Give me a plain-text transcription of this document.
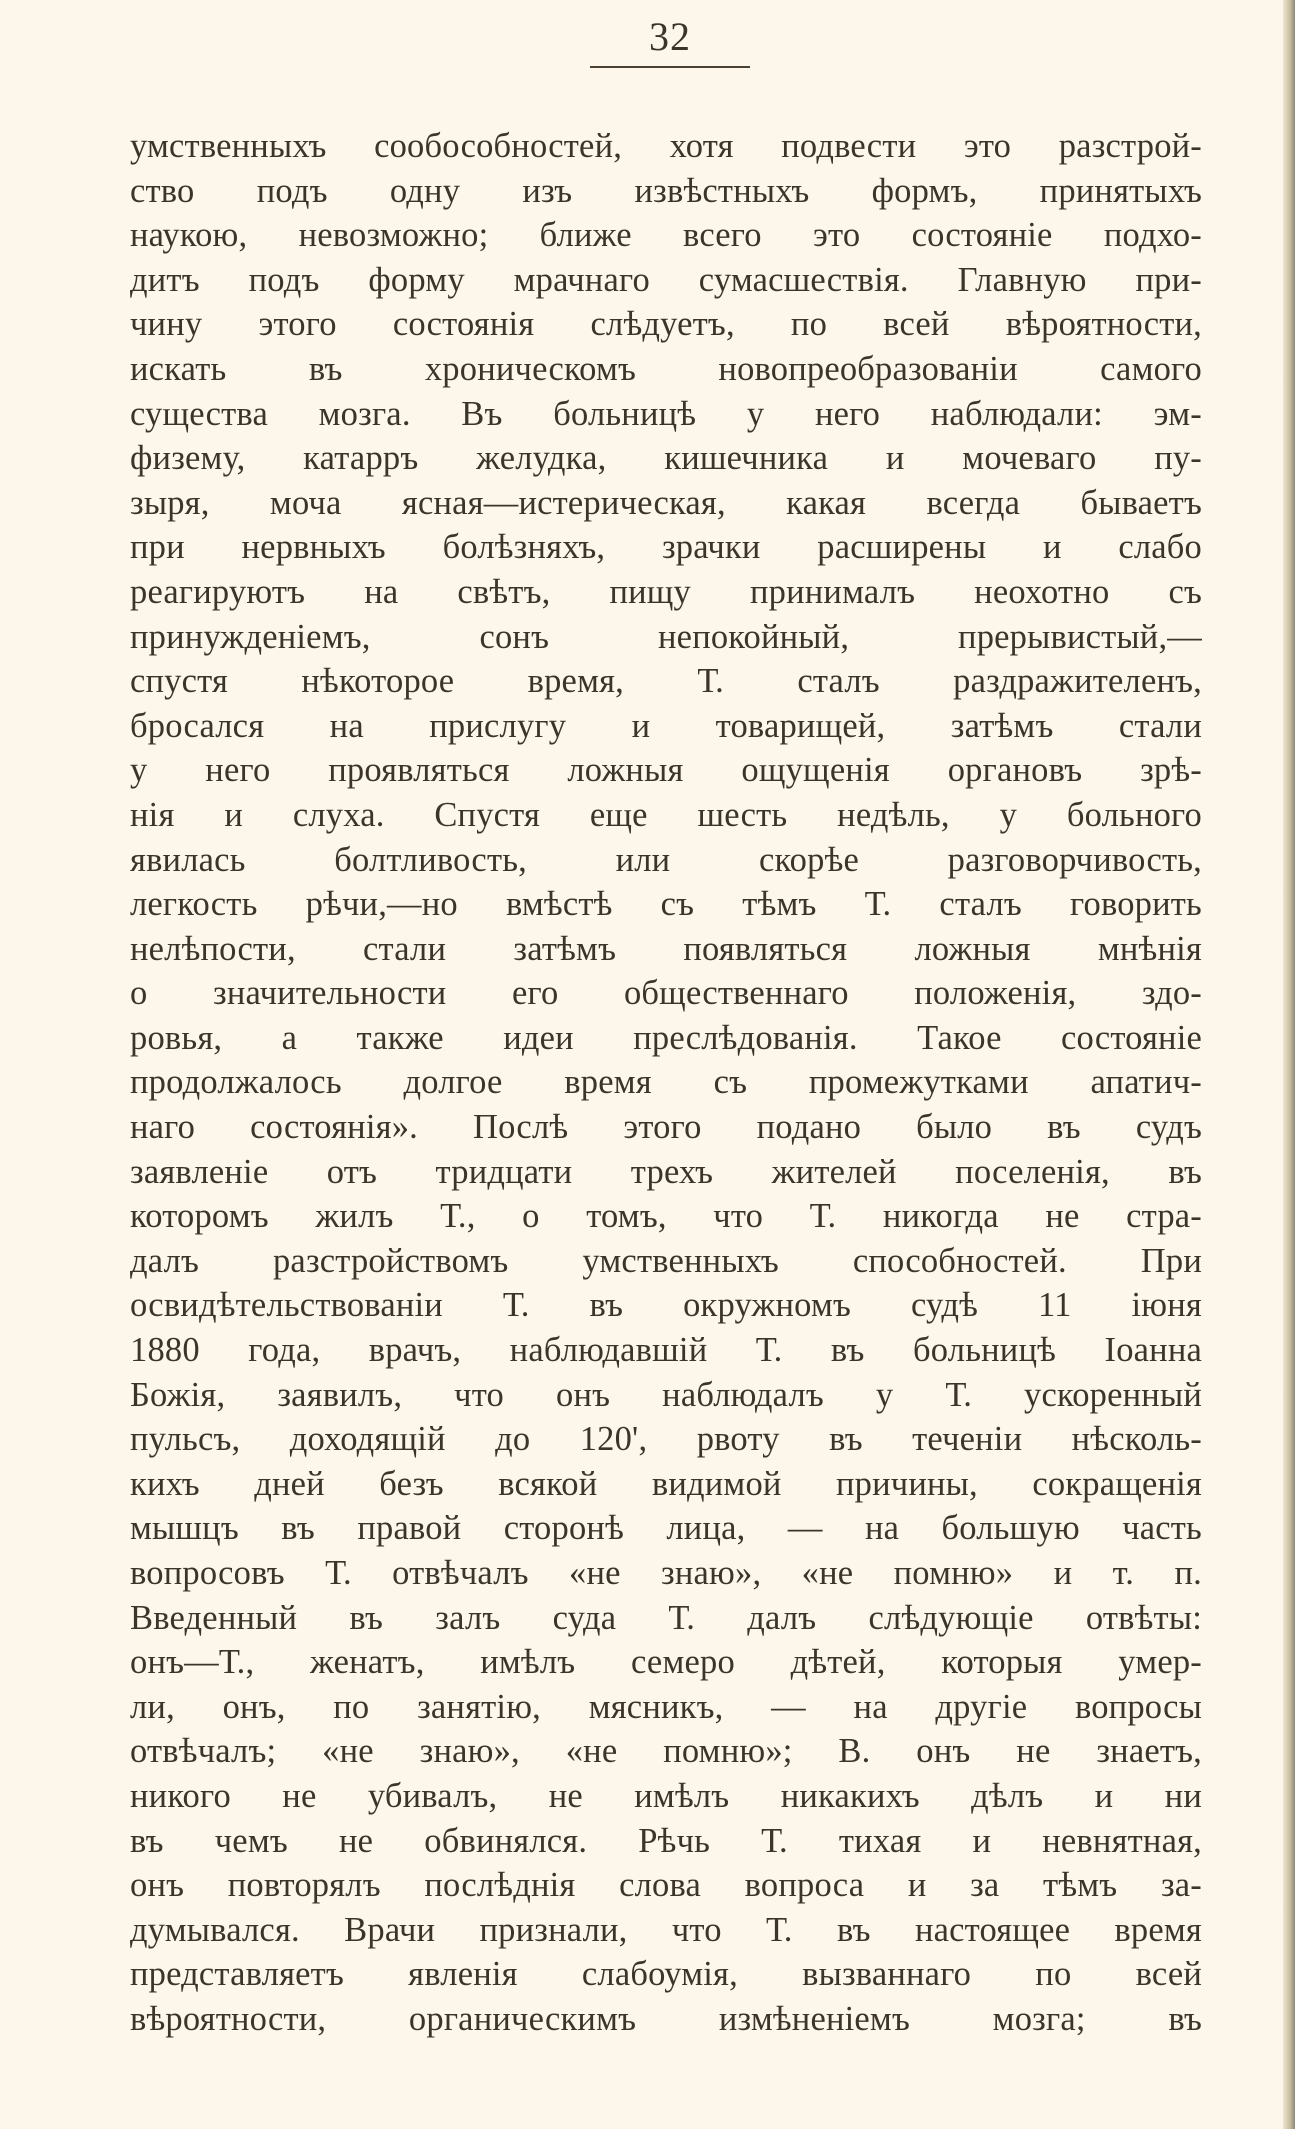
32
умственныхъ сообособностей, хотя подвести это разстрой-
ство подъ одну изъ извѣстныхъ формъ, принятыхъ
наукою, невозможно; ближе всего это состояніе подхо-
дитъ подъ форму мрачнаго сумасшествія. Главную при-
чину этого состоянія слѣдуетъ, по всей вѣроятности,
искать въ хроническомъ новопреобразованіи самого
существа мозга. Въ больницѣ у него наблюдали: эм-
физему, катарръ желудка, кишечника и мочеваго пу-
зыря, моча ясная—истерическая, какая всегда бываетъ
при нервныхъ болѣзняхъ, зрачки расширены и слабо
реагируютъ на свѣтъ, пищу принималъ неохотно съ
принужденіемъ, сонъ непокойный, прерывистый,—
спустя нѣкоторое время, Т. сталъ раздражителенъ,
бросался на прислугу и товарищей, затѣмъ стали
у него проявляться ложныя ощущенія органовъ зрѣ-
нія и слуха. Спустя еще шесть недѣль, у больного
явилась болтливость, или скорѣе разговорчивость,
легкость рѣчи,—но вмѣстѣ съ тѣмъ Т. сталъ говорить
нелѣпости, стали затѣмъ появляться ложныя мнѣнія
о значительности его общественнаго положенія, здо-
ровья, а также идеи преслѣдованія. Такое состояніе
продолжалось долгое время съ промежутками апатич-
наго состоянія». Послѣ этого подано было въ судъ
заявленіе отъ тридцати трехъ жителей поселенія, въ
которомъ жилъ Т., о томъ, что Т. никогда не стра-
далъ разстройствомъ умственныхъ способностей. При
освидѣтельствованіи Т. въ окружномъ судѣ 11 іюня
1880 года, врачъ, наблюдавшій Т. въ больницѣ Іоанна
Божія, заявилъ, что онъ наблюдалъ у Т. ускоренный
пульсъ, доходящій до 120', рвоту въ теченіи нѣсколь-
кихъ дней безъ всякой видимой причины, сокращенія
мышцъ въ правой сторонѣ лица, — на большую часть
вопросовъ Т. отвѣчалъ «не знаю», «не помню» и т. п.
Введенный въ залъ суда Т. далъ слѣдующіе отвѣты:
онъ—Т., женатъ, имѣлъ семеро дѣтей, которыя умер-
ли, онъ, по занятію, мясникъ, — на другіе вопросы
отвѣчалъ; «не знаю», «не помню»; В. онъ не знаетъ,
никого не убивалъ, не имѣлъ никакихъ дѣлъ и ни
въ чемъ не обвинялся. Рѣчь Т. тихая и невнятная,
онъ повторялъ послѣднія слова вопроса и за тѣмъ за-
думывался. Врачи признали, что Т. въ настоящее время
представляетъ явленія слабоумія, вызваннаго по всей
вѣроятности, органическимъ измѣненіемъ мозга; въ
